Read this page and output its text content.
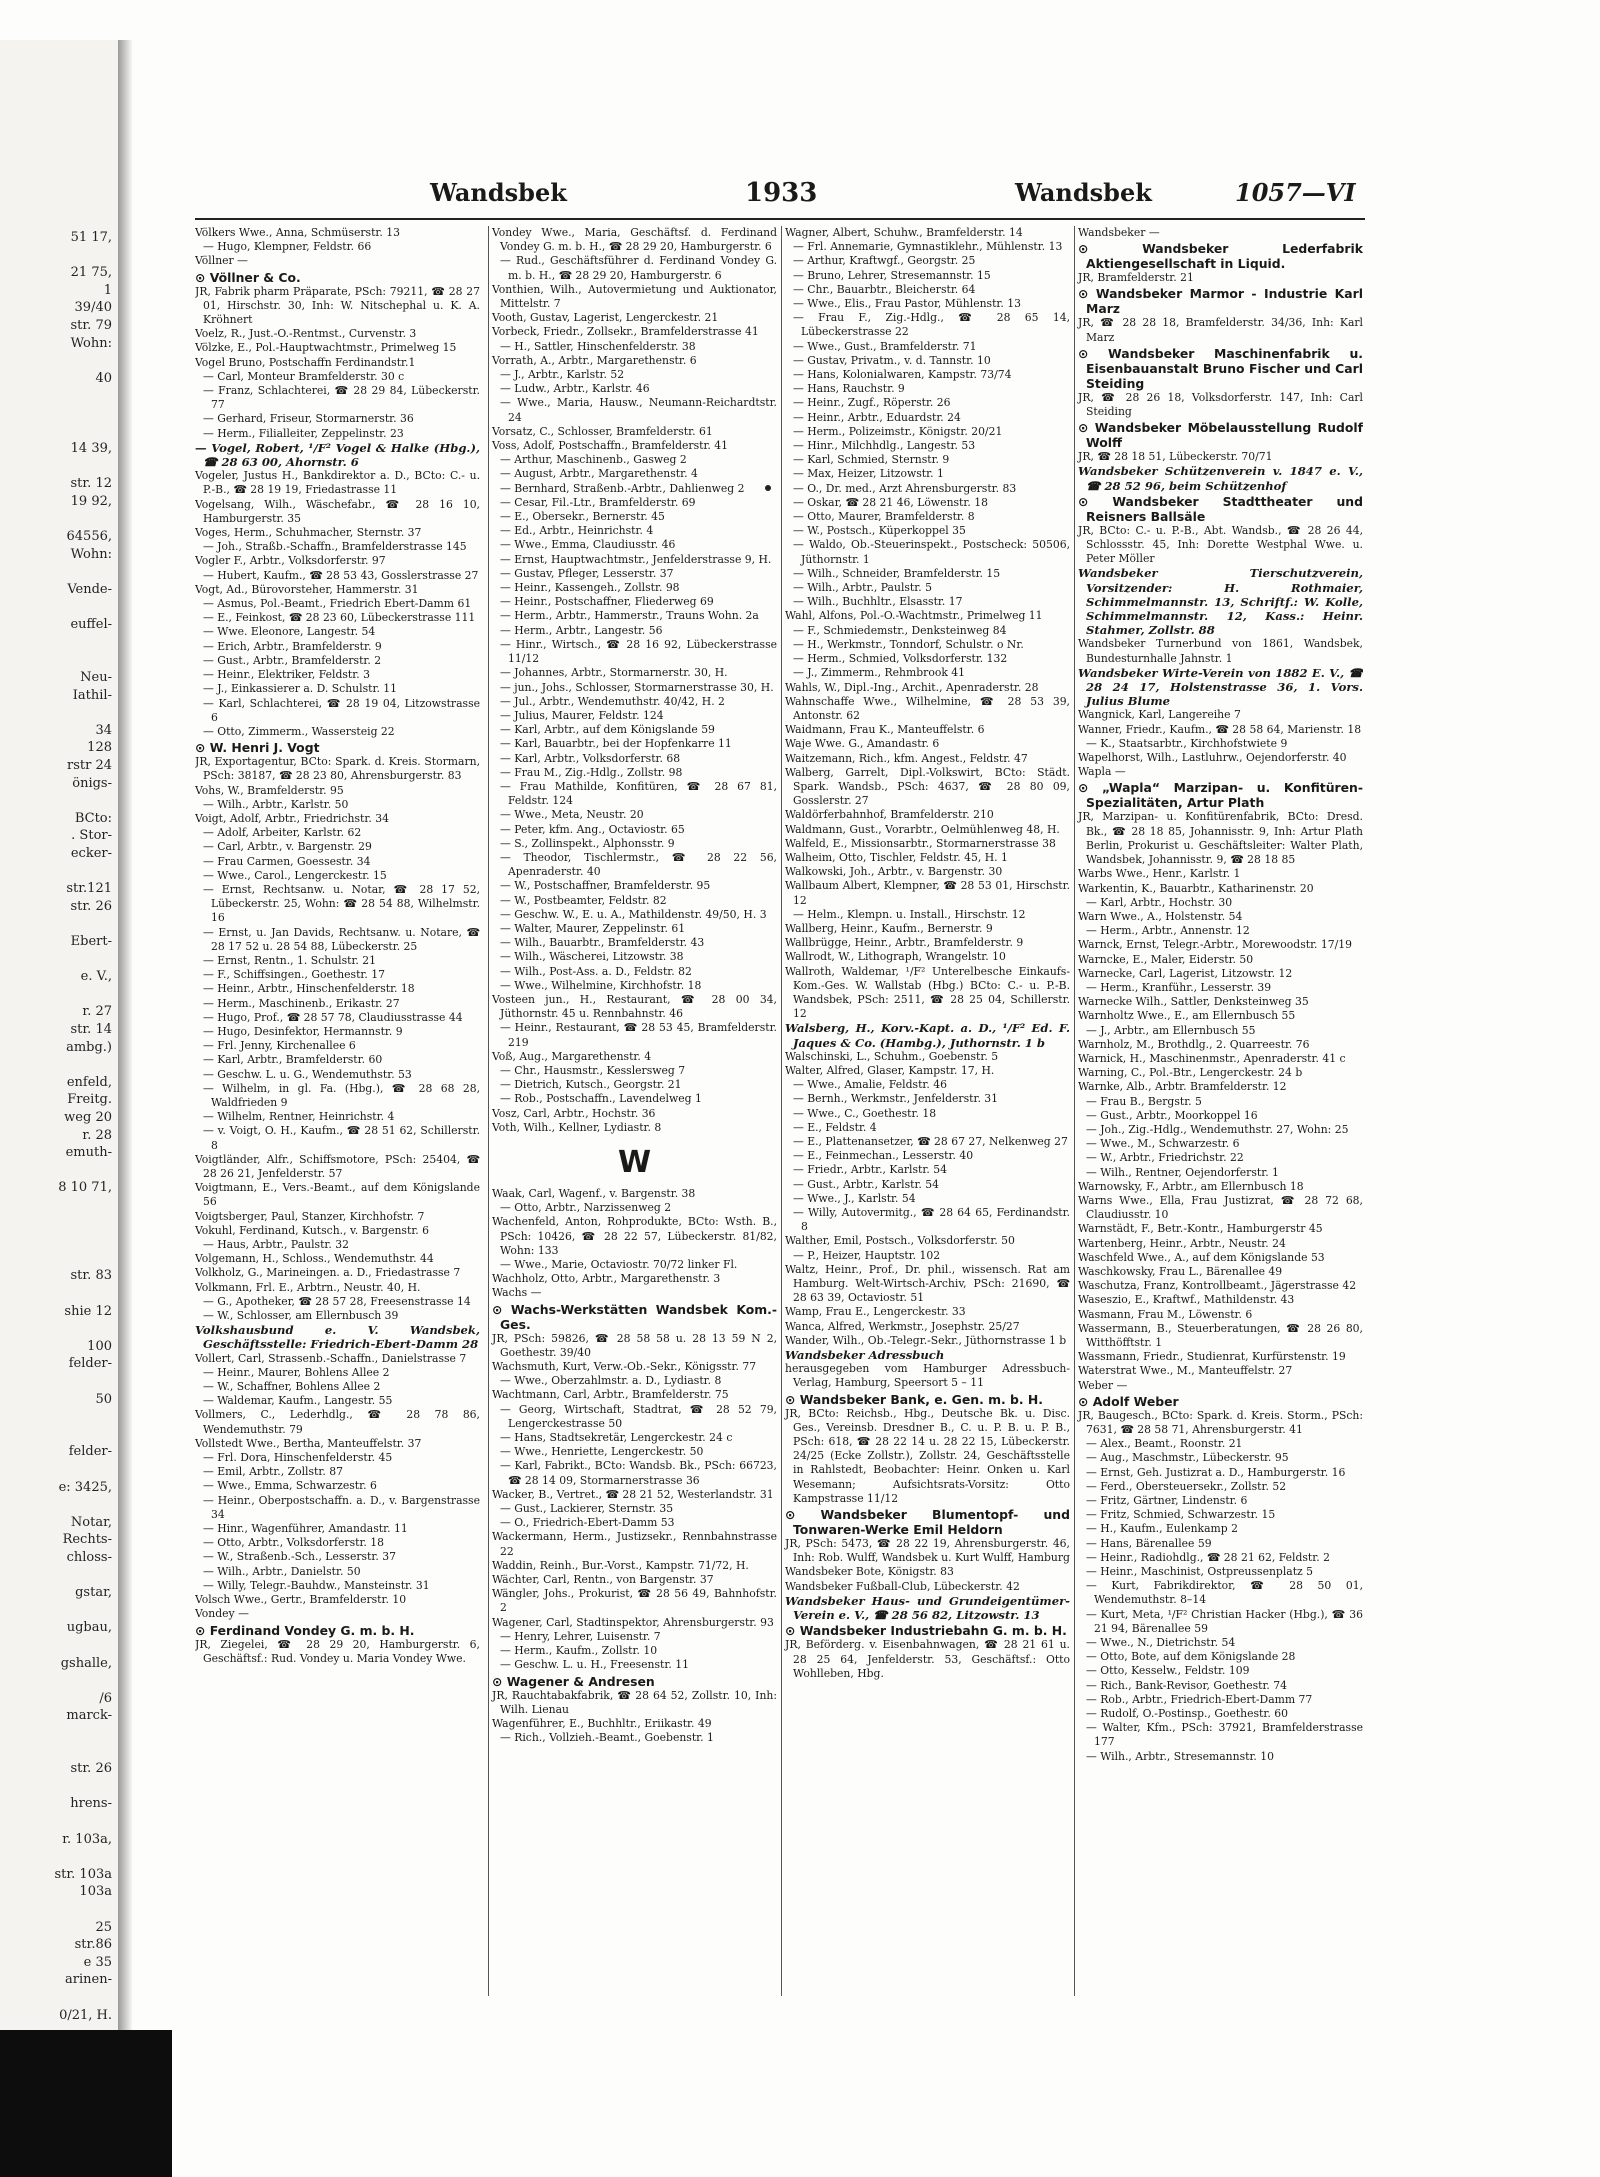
51 17,
21 75,
1
39/40
str. 79
Wohn:
40
14 39,
str. 12
19 92,
64556,
Wohn:
Vende-
euffel-
Neu-
Iathil-
34
128
rstr 24
önigs-
BCto:
. Stor-
ecker-
str.121
str. 26
Ebert-
e. V.,
r. 27
str. 14
ambg.)
enfeld,
Freitg.
weg 20
r. 28
emuth-
8 10 71,
str. 83
shie 12
100
felder-
50
felder-
e: 3425,
Notar,
Rechts-
chloss-
gstar,
ugbau,
gshalle,
/6
marck-
str. 26
hrens-
r. 103a,
str. 103a
103a
25
str.86
e 35
arinen-
0/21, H.
Wandsbek	1933	Wandsbek	1057—VI

Völkers Wwe., Anna, Schmüserstr. 13

— Hugo, Klempner, Feldstr. 66

Völlner —

⊙ Völlner & Co.

JR, Fabrik pharm Präparate, PSch: 79211, ☎ 28 27 01, Hirschstr. 30, Inh: W. Nitschephal u. K. A. Kröhnert

Voelz, R., Just.-O.-Rentmst., Curvenstr. 3

Völzke, E., Pol.-Hauptwachtmstr., Primelweg 15

Vogel Bruno, Postschaffn Ferdinandstr.1

— Carl, Monteur Bramfelderstr. 30 c

— Franz, Schlachterei, ☎ 28 29 84, Lübeckerstr. 77

— Gerhard, Friseur, Stormarnerstr. 36

— Herm., Filialleiter, Zeppelinstr. 23

— Vogel, Robert, ¹/F² Vogel & Halke (Hbg.), ☎ 28 63 00, Ahornstr. 6

Vogeler, Justus H., Bankdirektor a. D., BCto: C.- u. P.-B., ☎ 28 19 19, Friedastrasse 11

Vogelsang, Wilh., Wäschefabr., ☎ 28 16 10, Hamburgerstr. 35

Voges, Herm., Schuhmacher, Sternstr. 37

— Joh., Straßb.-Schaffn., Bramfelderstrasse 145

Vogler F., Arbtr., Volksdorferstr. 97

— Hubert, Kaufm., ☎ 28 53 43, Gosslerstrasse 27

Vogt, Ad., Bürovorsteher, Hammerstr. 31

— Asmus, Pol.-Beamt., Friedrich Ebert-Damm 61

— E., Feinkost, ☎ 28 23 60, Lübeckerstrasse 111

— Wwe. Eleonore, Langestr. 54

— Erich, Arbtr., Bramfelderstr. 9

— Gust., Arbtr., Bramfelderstr. 2

— Heinr., Elektriker, Feldstr. 3

— J., Einkassierer a. D. Schulstr. 11

— Karl, Schlachterei, ☎ 28 19 04, Litzowstrasse 6

— Otto, Zimmerm., Wassersteig 22

⊙ W. Henri J. Vogt

JR, Exportagentur, BCto: Spark. d. Kreis. Stormarn, PSch: 38187, ☎ 28 23 80, Ahrensburgerstr. 83

Vohs, W., Bramfelderstr. 95

— Wilh., Arbtr., Karlstr. 50

Voigt, Adolf, Arbtr., Friedrichstr. 34

— Adolf, Arbeiter, Karlstr. 62

— Carl, Arbtr., v. Bargenstr. 29

— Frau Carmen, Goessestr. 34

— Wwe., Carol., Lengerckestr. 15

— Ernst, Rechtsanw. u. Notar, ☎ 28 17 52, Lübeckerstr. 25, Wohn: ☎ 28 54 88, Wilhelmstr. 16

— Ernst, u. Jan Davids, Rechtsanw. u. Notare, ☎ 28 17 52 u. 28 54 88, Lübeckerstr. 25

— Ernst, Rentn., 1. Schulstr. 21

— F., Schiffsingen., Goethestr. 17

— Heinr., Arbtr., Hinschenfelderstr. 18

— Herm., Maschinenb., Erikastr. 27

— Hugo, Prof., ☎ 28 57 78, Claudiusstrasse 44

— Hugo, Desinfektor, Hermannstr. 9

— Frl. Jenny, Kirchenallee 6

— Karl, Arbtr., Bramfelderstr. 60

— Geschw. L. u. G., Wendemuthstr. 53

— Wilhelm, in gl. Fa. (Hbg.), ☎ 28 68 28, Waldfrieden 9

— Wilhelm, Rentner, Heinrichstr. 4

— v. Voigt, O. H., Kaufm., ☎ 28 51 62, Schillerstr. 8

Voigtländer, Alfr., Schiffsmotore, PSch: 25404, ☎ 28 26 21, Jenfelderstr. 57

Voigtmann, E., Vers.-Beamt., auf dem Königslande 56

Voigtsberger, Paul, Stanzer, Kirchhofstr. 7

Vokuhl, Ferdinand, Kutsch., v. Bargenstr. 6

— Haus, Arbtr., Paulstr. 32

Volgemann, H., Schloss., Wendemuthstr. 44

Volkholz, G., Marineingen. a. D., Friedastrasse 7

Volkmann, Frl. E., Arbtrn., Neustr. 40, H.

— G., Apotheker, ☎ 28 57 28, Freesenstrasse 14

— W., Schlosser, am Ellernbusch 39

Volkshausbund e. V. Wandsbek, Geschäftsstelle: Friedrich-Ebert-Damm 28

Vollert, Carl, Strassenb.-Schaffn., Danielstrasse 7

— Heinr., Maurer, Bohlens Allee 2

— W., Schaffner, Bohlens Allee 2

— Waldemar, Kaufm., Langestr. 55

Vollmers, C., Lederhdlg., ☎ 28 78 86, Wendemuthstr. 79

Vollstedt Wwe., Bertha, Manteuffelstr. 37

— Frl. Dora, Hinschenfelderstr. 45

— Emil, Arbtr., Zollstr. 87

— Wwe., Emma, Schwarzestr. 6

— Heinr., Oberpostschaffn. a. D., v. Bargenstrasse 34

— Hinr., Wagenführer, Amandastr. 11

— Otto, Arbtr., Volksdorferstr. 18

— W., Straßenb.-Sch., Lesserstr. 37

— Wilh., Arbtr., Danielstr. 50

— Willy, Telegr.-Bauhdw., Mansteinstr. 31

Volsch Wwe., Gertr., Bramfelderstr. 10

Vondey —

⊙ Ferdinand Vondey G. m. b. H.

JR, Ziegelei, ☎ 28 29 20, Hamburgerstr. 6, Geschäftsf.: Rud. Vondey u. Maria Vondey Wwe.

Vondey Wwe., Maria, Geschäftsf. d. Ferdinand Vondey G. m. b. H., ☎ 28 29 20, Hamburgerstr. 6

— Rud., Geschäftsführer d. Ferdinand Vondey G. m. b. H., ☎ 28 29 20, Hamburgerstr. 6

Vonthien, Wilh., Autovermietung und Auktionator, Mittelstr. 7

Vooth, Gustav, Lagerist, Lengerckestr. 21

Vorbeck, Friedr., Zollsekr., Bramfelderstrasse 41

— H., Sattler, Hinschenfelderstr. 38

Vorrath, A., Arbtr., Margarethenstr. 6

— J., Arbtr., Karlstr. 52

— Ludw., Arbtr., Karlstr. 46

— Wwe., Maria, Hausw., Neumann-Reichardtstr. 24

Vorsatz, C., Schlosser, Bramfelderstr. 61

Voss, Adolf, Postschaffn., Bramfelderstr. 41

— Arthur, Maschinenb., Gasweg 2

— August, Arbtr., Margarethenstr. 4

— Bernhard, Straßenb.-Arbtr., Dahlienweg 2

— Cesar, Fil.-Ltr., Bramfelderstr. 69

— E., Obersekr., Bernerstr. 45

— Ed., Arbtr., Heinrichstr. 4

— Wwe., Emma, Claudiusstr. 46

— Ernst, Hauptwachtmstr., Jenfelderstrasse 9, H.

— Gustav, Pfleger, Lesserstr. 37

— Heinr., Kassengeh., Zollstr. 98

— Heinr., Postschaffner, Fliederweg 69

— Herm., Arbtr., Hammerstr., Trauns Wohn. 2a

— Herm., Arbtr., Langestr. 56

— Hinr., Wirtsch., ☎ 28 16 92, Lübeckerstrasse 11/12

— Johannes, Arbtr., Stormarnerstr. 30, H.

— jun., Johs., Schlosser, Stormarnerstrasse 30, H.

— Jul., Arbtr., Wendemuthstr. 40/42, H. 2

— Julius, Maurer, Feldstr. 124

— Karl, Arbtr., auf dem Königslande 59

— Karl, Bauarbtr., bei der Hopfenkarre 11

— Karl, Arbtr., Volksdorferstr. 68

— Frau M., Zig.-Hdlg., Zollstr. 98

— Frau Mathilde, Konfitüren, ☎ 28 67 81, Feldstr. 124

— Wwe., Meta, Neustr. 20

— Peter, kfm. Ang., Octaviostr. 65

— S., Zollinspekt., Alphonsstr. 9

— Theodor, Tischlermstr., ☎ 28 22 56, Apenraderstr. 40

— W., Postschaffner, Bramfelderstr. 95

— W., Postbeamter, Feldstr. 82

— Geschw. W., E. u. A., Mathildenstr. 49/50, H. 3

— Walter, Maurer, Zeppelinstr. 61

— Wilh., Bauarbtr., Bramfelderstr. 43

— Wilh., Wäscherei, Litzowstr. 38

— Wilh., Post-Ass. a. D., Feldstr. 82

— Wwe., Wilhelmine, Kirchhofstr. 18

Vosteen jun., H., Restaurant, ☎ 28 00 34, Jüthornstr. 45 u. Rennbahnstr. 46

— Heinr., Restaurant, ☎ 28 53 45, Bramfelderstr. 219

Voß, Aug., Margarethenstr. 4

— Chr., Hausmstr., Kesslersweg 7

— Dietrich, Kutsch., Georgstr. 21

— Rob., Postschaffn., Lavendelweg 1

Vosz, Carl, Arbtr., Hochstr. 36

Voth, Wilh., Kellner, Lydiastr. 8

W

Waak, Carl, Wagenf., v. Bargenstr. 38

— Otto, Arbtr., Narzissenweg 2

Wachenfeld, Anton, Rohprodukte, BCto: Wsth. B., PSch: 10426, ☎ 28 22 57, Lübeckerstr. 81/82, Wohn: 133

— Wwe., Marie, Octaviostr. 70/72 linker Fl.

Wachholz, Otto, Arbtr., Margarethenstr. 3

Wachs —

⊙ Wachs-Werkstätten Wandsbek Kom.-Ges.

JR, PSch: 59826, ☎ 28 58 58 u. 28 13 59 N 2, Goethestr. 39/40

Wachsmuth, Kurt, Verw.-Ob.-Sekr., Königsstr. 77

— Wwe., Oberzahlmstr. a. D., Lydiastr. 8

Wachtmann, Carl, Arbtr., Bramfelderstr. 75

— Georg, Wirtschaft, Stadtrat, ☎ 28 52 79, Lengerckestrasse 50

— Hans, Stadtsekretär, Lengerckestr. 24 c

— Wwe., Henriette, Lengerckestr. 50

— Karl, Fabrikt., BCto: Wandsb. Bk., PSch: 66723, ☎ 28 14 09, Stormarnerstrasse 36

Wacker, B., Vertret., ☎ 28 21 52, Westerlandstr. 31

— Gust., Lackierer, Sternstr. 35

— O., Friedrich-Ebert-Damm 53

Wackermann, Herm., Justizsekr., Rennbahnstrasse 22

Waddin, Reinh., Bur.-Vorst., Kampstr. 71/72, H.

Wächter, Carl, Rentn., von Bargenstr. 37

Wängler, Johs., Prokurist, ☎ 28 56 49, Bahnhofstr. 2

Wagener, Carl, Stadtinspektor, Ahrensburgerstr. 93

— Henry, Lehrer, Luisenstr. 7

— Herm., Kaufm., Zollstr. 10

— Geschw. L. u. H., Freesenstr. 11

⊙ Wagener & Andresen

JR, Rauchtabakfabrik, ☎ 28 64 52, Zollstr. 10, Inh: Wilh. Lienau

Wagenführer, E., Buchhltr., Eriikastr. 49

— Rich., Vollzieh.-Beamt., Goebenstr. 1

Wagner, Albert, Schuhw., Bramfelderstr. 14

— Frl. Annemarie, Gymnastiklehr., Mühlenstr. 13

— Arthur, Kraftwgf., Georgstr. 25

— Bruno, Lehrer, Stresemannstr. 15

— Chr., Bauarbtr., Bleicherstr. 64

— Wwe., Elis., Frau Pastor, Mühlenstr. 13

— Frau F., Zig.-Hdlg., ☎ 28 65 14, Lübeckerstrasse 22

— Wwe., Gust., Bramfelderstr. 71

— Gustav, Privatm., v. d. Tannstr. 10

— Hans, Kolonialwaren, Kampstr. 73/74

— Hans, Rauchstr. 9

— Heinr., Zugf., Röperstr. 26

— Heinr., Arbtr., Eduardstr. 24

— Herm., Polizeimstr., Königstr. 20/21

— Hinr., Milchhdlg., Langestr. 53

— Karl, Schmied, Sternstr. 9

— Max, Heizer, Litzowstr. 1

— O., Dr. med., Arzt Ahrensburgerstr. 83

— Oskar, ☎ 28 21 46, Löwenstr. 18

— Otto, Maurer, Bramfelderstr. 8

— W., Postsch., Küperkoppel 35

— Waldo, Ob.-Steuerinspekt., Postscheck: 50506, Jüthornstr. 1

— Wilh., Schneider, Bramfelderstr. 15

— Wilh., Arbtr., Paulstr. 5

— Wilh., Buchhltr., Elsasstr. 17

Wahl, Alfons, Pol.-O.-Wachtmstr., Primelweg 11

— F., Schmiedemstr., Denksteinweg 84

— H., Werkmstr., Tonndorf, Schulstr. o Nr.

— Herm., Schmied, Volksdorferstr. 132

— J., Zimmerm., Rehmbrook 41

Wahls, W., Dipl.-Ing., Archit., Apenraderstr. 28

Wahnschaffe Wwe., Wilhelmine, ☎ 28 53 39, Antonstr. 62

Waidmann, Frau K., Manteuffelstr. 6

Waje Wwe. G., Amandastr. 6

Waitzemann, Rich., kfm. Angest., Feldstr. 47

Walberg, Garrelt, Dipl.-Volkswirt, BCto: Städt. Spark. Wandsb., PSch: 4637, ☎ 28 80 09, Gosslerstr. 27

Waldörferbahnhof, Bramfelderstr. 210

Waldmann, Gust., Vorarbtr., Oelmühlenweg 48, H.

Walfeld, E., Missionsarbtr., Stormarnerstrasse 38

Walheim, Otto, Tischler, Feldstr. 45, H. 1

Walkowski, Joh., Arbtr., v. Bargenstr. 30

Wallbaum Albert, Klempner, ☎ 28 53 01, Hirschstr. 12

— Helm., Klempn. u. Install., Hirschstr. 12

Wallberg, Heinr., Kaufm., Bernerstr. 9

Wallbrügge, Heinr., Arbtr., Bramfelderstr. 9

Wallrodt, W., Lithograph, Wrangelstr. 10

Wallroth, Waldemar, ¹/F² Unterelbesche Einkaufs-Kom.-Ges. W. Wallstab (Hbg.) BCto: C.- u. P.-B. Wandsbek, PSch: 2511, ☎ 28 25 04, Schillerstr. 12

Walsberg, H., Korv.-Kapt. a. D., ¹/F² Ed. F. Jaques & Co. (Hambg.), Juthornstr. 1 b

Walschinski, L., Schuhm., Goebenstr. 5

Walter, Alfred, Glaser, Kampstr. 17, H.

— Wwe., Amalie, Feldstr. 46

— Bernh., Werkmstr., Jenfelderstr. 31

— Wwe., C., Goethestr. 18

— E., Feldstr. 4

— E., Plattenansetzer, ☎ 28 67 27, Nelkenweg 27

— E., Feinmechan., Lesserstr. 40

— Friedr., Arbtr., Karlstr. 54

— Gust., Arbtr., Karlstr. 54

— Wwe., J., Karlstr. 54

— Willy, Autovermitg., ☎ 28 64 65, Ferdinandstr. 8

Walther, Emil, Postsch., Volksdorferstr. 50

— P., Heizer, Hauptstr. 102

Waltz, Heinr., Prof., Dr. phil., wissensch. Rat am Hamburg. Welt-Wirtsch-Archiv, PSch: 21690, ☎ 28 63 39, Octaviostr. 51

Wamp, Frau E., Lengerckestr. 33

Wanca, Alfred, Werkmstr., Josephstr. 25/27

Wander, Wilh., Ob.-Telegr.-Sekr., Jüthornstrasse 1 b

Wandsbeker Adressbuch

herausgegeben vom Hamburger Adressbuch-Verlag, Hamburg, Speersort 5 – 11

⊙ Wandsbeker Bank, e. Gen. m. b. H.

JR, BCto: Reichsb., Hbg., Deutsche Bk. u. Disc. Ges., Vereinsb. Dresdner B., C. u. P. B. u. P. B., PSch: 618, ☎ 28 22 14 u. 28 22 15, Lübeckerstr. 24/25 (Ecke Zollstr.), Zollstr. 24, Geschäftsstelle in Rahlstedt, Beobachter: Heinr. Onken u. Karl Wesemann; Aufsichtsrats-Vorsitz: Otto Kampstrasse 11/12

⊙ Wandsbeker Blumentopf- und Tonwaren-Werke Emil Heldorn

JR, PSch: 5473, ☎ 28 22 19, Ahrensburgerstr. 46, Inh: Rob. Wulff, Wandsbek u. Kurt Wulff, Hamburg

Wandsbeker Bote, Königstr. 83

Wandsbeker Fußball-Club, Lübeckerstr. 42

Wandsbeker Haus- und Grundeigentümer-Verein e. V., ☎ 28 56 82, Litzowstr. 13

⊙ Wandsbeker Industriebahn G. m. b. H.

JR, Beförderg. v. Eisenbahnwagen, ☎ 28 21 61 u. 28 25 64, Jenfelderstr. 53, Geschäftsf.: Otto Wohlleben, Hbg.

Wandsbeker —

⊙ Wandsbeker Lederfabrik Aktiengesellschaft in Liquid.

JR, Bramfelderstr. 21

⊙ Wandsbeker Marmor - Industrie Karl Marz

JR, ☎ 28 28 18, Bramfelderstr. 34/36, Inh: Karl Marz

⊙ Wandsbeker Maschinenfabrik u. Eisenbauanstalt Bruno Fischer und Carl Steiding

JR, ☎ 28 26 18, Volksdorferstr. 147, Inh: Carl Steiding

⊙ Wandsbeker Möbelausstellung Rudolf Wolff

JR, ☎ 28 18 51, Lübeckerstr. 70/71

Wandsbeker Schützenverein v. 1847 e. V., ☎ 28 52 96, beim Schützenhof

⊙ Wandsbeker Stadttheater und Reisners Ballsäle

JR, BCto: C.- u. P.-B., Abt. Wandsb., ☎ 28 26 44, Schlossstr. 45, Inh: Dorette Westphal Wwe. u. Peter Möller

Wandsbeker Tierschutzverein, Vorsitzender: H. Rothmaier, Schimmelmannstr. 13, Schriftf.: W. Kolle, Schimmelmannstr. 12, Kass.: Heinr. Stahmer, Zollstr. 88

Wandsbeker Turnerbund von 1861, Wandsbek, Bundesturnhalle Jahnstr. 1

Wandsbeker Wirte-Verein von 1882 E. V., ☎ 28 24 17, Holstenstrasse 36, 1. Vors. Julius Blume

Wangnick, Karl, Langereihe 7

Wanner, Friedr., Kaufm., ☎ 28 58 64, Marienstr. 18

— K., Staatsarbtr., Kirchhofstwiete 9

Wapelhorst, Wilh., Lastluhrw., Oejendorferstr. 40

Wapla —

⊙ „Wapla“ Marzipan- u. Konfitüren-Spezialitäten, Artur Plath

JR, Marzipan- u. Konfitürenfabrik, BCto: Dresd. Bk., ☎ 28 18 85, Johannisstr. 9, Inh: Artur Plath Berlin, Prokurist u. Geschäftsleiter: Walter Plath, Wandsbek, Johannisstr. 9, ☎ 28 18 85

Warbs Wwe., Henr., Karlstr. 1

Warkentin, K., Bauarbtr., Katharinenstr. 20

— Karl, Arbtr., Hochstr. 30

Warn Wwe., A., Holstenstr. 54

— Herm., Arbtr., Annenstr. 12

Warnck, Ernst, Telegr.-Arbtr., Morewoodstr. 17/19

Warncke, E., Maler, Eiderstr. 50

Warnecke, Carl, Lagerist, Litzowstr. 12

— Herm., Kranführ., Lesserstr. 39

Warnecke Wilh., Sattler, Denksteinweg 35

Warnholtz Wwe., E., am Ellernbusch 55

— J., Arbtr., am Ellernbusch 55

Warnholz, M., Brothdlg., 2. Quarreestr. 76

Warnick, H., Maschinenmstr., Apenraderstr. 41 c

Warning, C., Pol.-Btr., Lengerckestr. 24 b

Warnke, Alb., Arbtr. Bramfelderstr. 12

— Frau B., Bergstr. 5

— Gust., Arbtr., Moorkoppel 16

— Joh., Zig.-Hdlg., Wendemuthstr. 27, Wohn: 25

— Wwe., M., Schwarzestr. 6

— W., Arbtr., Friedrichstr. 22

— Wilh., Rentner, Oejendorferstr. 1

Warnowsky, F., Arbtr., am Ellernbusch 18

Warns Wwe., Ella, Frau Justizrat, ☎ 28 72 68, Claudiusstr. 10

Warnstädt, F., Betr.-Kontr., Hamburgerstr 45

Wartenberg, Heinr., Arbtr., Neustr. 24

Waschfeld Wwe., A., auf dem Königslande 53

Waschkowsky, Frau L., Bärenallee 49

Waschutza, Franz, Kontrollbeamt., Jägerstrasse 42

Waseszio, E., Kraftwf., Mathildenstr. 43

Wasmann, Frau M., Löwenstr. 6

Wassermann, B., Steuerberatungen, ☎ 28 26 80, Witthöfftstr. 1

Wassmann, Friedr., Studienrat, Kurfürstenstr. 19

Waterstrat Wwe., M., Manteuffelstr. 27

Weber —

⊙ Adolf Weber

JR, Baugesch., BCto: Spark. d. Kreis. Storm., PSch: 7631, ☎ 28 58 71, Ahrensburgerstr. 41

— Alex., Beamt., Roonstr. 21

— Aug., Maschmstr., Lübeckerstr. 95

— Ernst, Geh. Justizrat a. D., Hamburgerstr. 16

— Ferd., Obersteuersekr., Zollstr. 52

— Fritz, Gärtner, Lindenstr. 6

— Fritz, Schmied, Schwarzestr. 15

— H., Kaufm., Eulenkamp 2

— Hans, Bärenallee 59

— Heinr., Radiohdlg., ☎ 28 21 62, Feldstr. 2

— Heinr., Maschinist, Ostpreussenplatz 5

— Kurt, Fabrikdirektor, ☎ 28 50 01, Wendemuthstr. 8–14

— Kurt, Meta, ¹/F² Christian Hacker (Hbg.), ☎ 36 21 94, Bärenallee 59

— Wwe., N., Dietrichstr. 54

— Otto, Bote, auf dem Königslande 28

— Otto, Kesselw., Feldstr. 109

— Rich., Bank-Revisor, Goethestr. 74

— Rob., Arbtr., Friedrich-Ebert-Damm 77

— Rudolf, O.-Postinsp., Goethestr. 60

— Walter, Kfm., PSch: 37921, Bramfelderstrasse 177

— Wilh., Arbtr., Stresemannstr. 10
